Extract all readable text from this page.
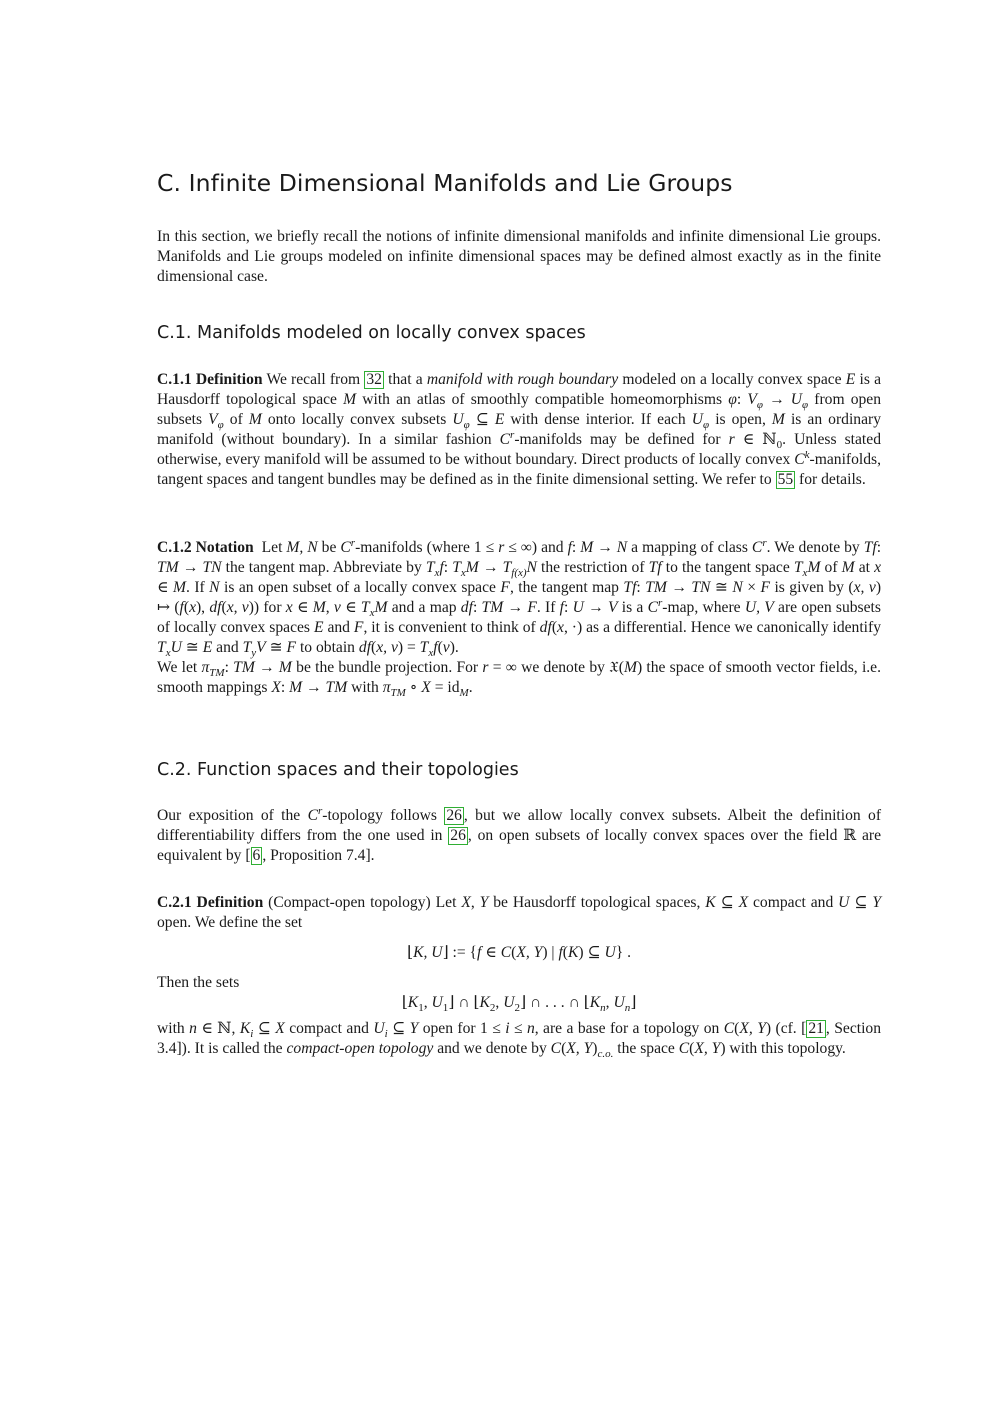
C. Infinite Dimensional Manifolds and Lie Groups

In this section, we briefly recall the notions of infinite dimensional manifolds and infinite dimensional Lie groups. Manifolds and Lie groups modeled on infinite dimensional spaces may be defined almost exactly as in the finite dimensional case.

C.1. Manifolds modeled on locally convex spaces

C.1.1 Definition We recall from 32 that a manifold with rough boundary modeled on a locally convex space E is a Hausdorff topological space M with an atlas of smoothly compatible homeomorphisms φ: $V_\varphi \to U_\varphi$ from open subsets $V_\varphi$ of M onto locally convex subsets $U_\varphi$ ⊆ E with dense interior. If each $U_\varphi$ is open, M is an ordinary manifold (without boundary). In a similar fashion $C^r$-manifolds may be defined for r ∈ ℕ$_0$. Unless stated otherwise, every manifold will be assumed to be without boundary. Direct products of locally convex $C^k$-manifolds, tangent spaces and tangent bundles may be defined as in the finite dimensional setting. We refer to 55 for details.

C.1.2 Notation  Let M, N be $C^r$-manifolds (where 1 ≤ r ≤ ∞) and f: M → N a mapping of class $C^r$. We denote by Tf: TM → TN the tangent map. Abbreviate by $T_xf$: $T_xM \to T_{f(x)}N$ the restriction of Tf to the tangent space $T_xM$ of M at x ∈ M. If N is an open subset of a locally convex space F, the tangent map Tf: TM → TN ≅ N × F is given by (x, v) ↦ (f(x), df(x, v)) for x ∈ M, v ∈ $T_xM$ and a map df: TM → F. If f: U → V is a $C^r$-map, where U, V are open subsets of locally convex spaces E and F, it is convenient to think of df(x, ·) as a differential. Hence we canonically identify $T_xU$ ≅ E and $T_yV$ ≅ F to obtain df(x, $v) = T_xf(v)$.
We let $\pi_{TM}$: TM → M be the bundle projection. For r = ∞ we denote by 𝔛(M) the space of smooth vector fields, i.e. smooth mappings X: M → TM with $\pi_{TM}$ ∘ $X = id_M$.

C.2. Function spaces and their topologies

Our exposition of the $C^r$-topology follows 26 , but we allow locally convex subsets. Albeit the definition of differentiability differs from the one used in 26 , on open subsets of locally convex spaces over the field ℝ are equivalent by [ 6 , Proposition 7.4].

C.2.1 Definition (Compact-open topology) Let X, Y be Hausdorff topological spaces, K ⊆ X compact and U ⊆ Y open. We define the set

⌊K, U⌋ := {f ∈ C(X, Y) | f(K) ⊆ U} .

Then the sets

$⌊K_1$, $U_1⌋$ ∩ $⌊K_2$, $U_2⌋$ ∩ . . . ∩ $⌊K_n$, $U_n⌋$

with n ∈ ℕ, $K_i$ ⊆ X compact and $U_i$ ⊆ Y open for 1 ≤ i ≤ n, are a base for a topology on C(X, Y) (cf. [ 21 , Section 3.4]). It is called the compact-open topology and we denote by C(X, $Y)_{c.o.}$ the space C(X, Y) with this topology.
